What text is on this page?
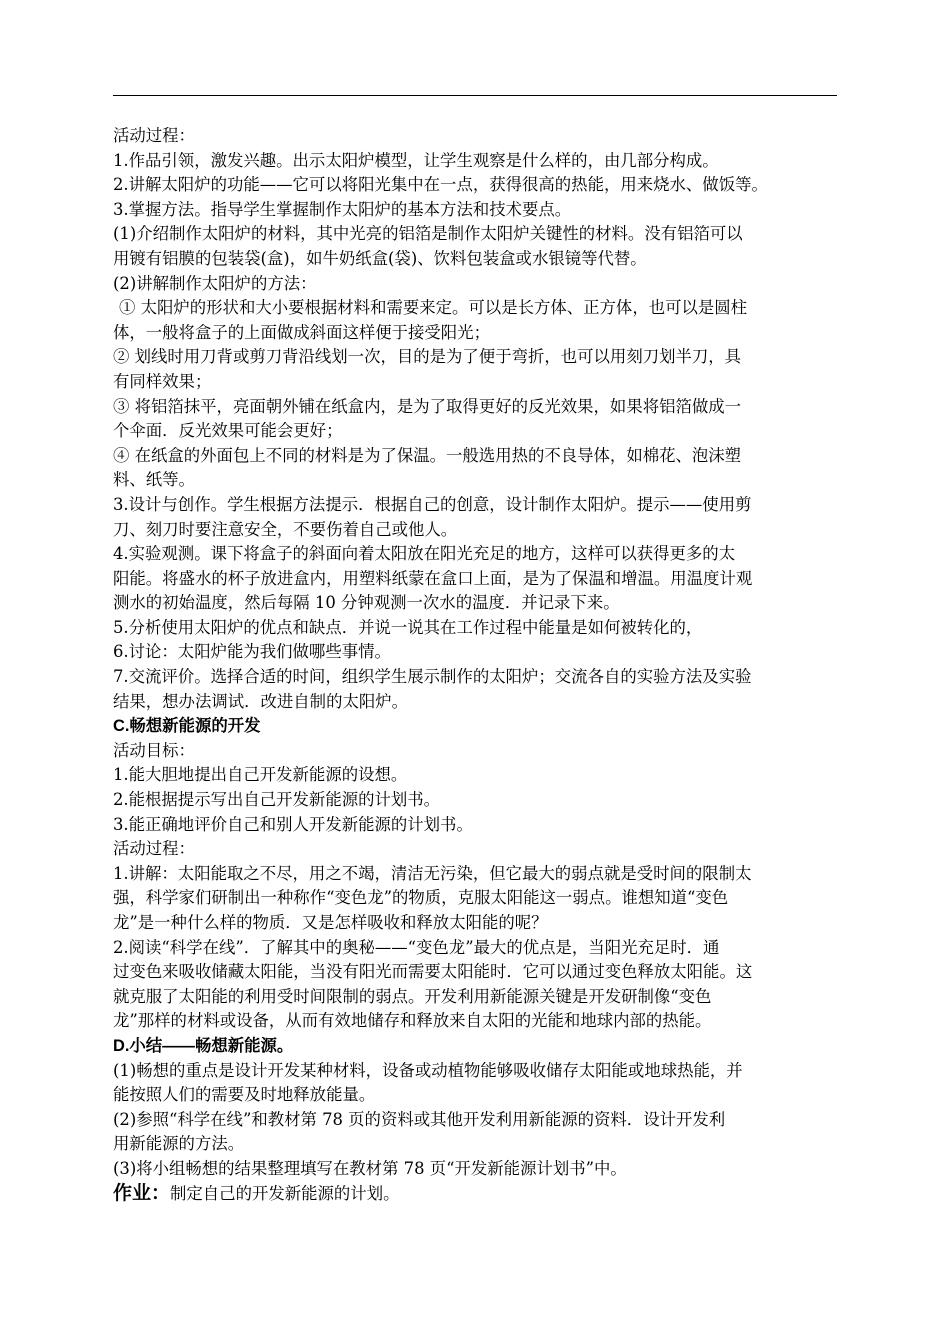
活动过程：

1.作品引领，激发兴趣。出示太阳炉模型，让学生观察是什么样的，由几部分构成。

2.讲解太阳炉的功能——它可以将阳光集中在一点，获得很高的热能，用来烧水、做饭等。

3.掌握方法。指导学生掌握制作太阳炉的基本方法和技术要点。

(1)介绍制作太阳炉的材料，其中光亮的铝箔是制作太阳炉关键性的材料。没有铝箔可以

用镀有铝膜的包装袋(盒)，如牛奶纸盒(袋)、饮料包装盒或水银镜等代替。

(2)讲解制作太阳炉的方法：

① 太阳炉的形状和大小要根据材料和需要来定。可以是长方体、正方体，也可以是圆柱

体，一般将盒子的上面做成斜面这样便于接受阳光；

② 划线时用刀背或剪刀背沿线划一次，目的是为了便于弯折，也可以用刻刀划半刀，具

有同样效果；

③ 将铝箔抹平，亮面朝外铺在纸盒内，是为了取得更好的反光效果，如果将铝箔做成一

个伞面．反光效果可能会更好；

④ 在纸盒的外面包上不同的材料是为了保温。一般选用热的不良导体，如棉花、泡沫塑

料、纸等。

3.设计与创作。学生根据方法提示．根据自己的创意，设计制作太阳炉。提示——使用剪

刀、刻刀时要注意安全，不要伤着自己或他人。

4.实验观测。课下将盒子的斜面向着太阳放在阳光充足的地方，这样可以获得更多的太

阳能。将盛水的杯子放进盒内，用塑料纸蒙在盒口上面，是为了保温和增温。用温度计观

测水的初始温度，然后每隔 10 分钟观测一次水的温度．并记录下来。

5.分析使用太阳炉的优点和缺点．并说一说其在工作过程中能量是如何被转化的，

6.讨论：太阳炉能为我们做哪些事情。

7.交流评价。选择合适的时间，组织学生展示制作的太阳炉；交流各自的实验方法及实验

结果，想办法调试．改进自制的太阳炉。

C.畅想新能源的开发

活动目标：

1.能大胆地提出自己开发新能源的设想。

2.能根据提示写出自己开发新能源的计划书。

3.能正确地评价自己和别人开发新能源的计划书。

活动过程：

1.讲解：太阳能取之不尽，用之不竭，清洁无污染，但它最大的弱点就是受时间的限制太

强，科学家们研制出一种称作“变色龙”的物质，克服太阳能这一弱点。谁想知道“变色

龙”是一种什么样的物质．又是怎样吸收和释放太阳能的呢？

2.阅读“科学在线”．了解其中的奥秘——“变色龙”最大的优点是，当阳光充足时．通

过变色来吸收储藏太阳能，当没有阳光而需要太阳能时．它可以通过变色释放太阳能。这

就克服了太阳能的利用受时间限制的弱点。开发利用新能源关键是开发研制像“变色

龙”那样的材料或设备，从而有效地储存和释放来自太阳的光能和地球内部的热能。

D.小结——畅想新能源。

(1)畅想的重点是设计开发某种材料，设备或动植物能够吸收储存太阳能或地球热能，并

能按照人们的需要及时地释放能量。

(2)参照“科学在线”和教材第 78 页的资料或其他开发利用新能源的资料．设计开发利

用新能源的方法。

(3)将小组畅想的结果整理填写在教材第 78 页“开发新能源计划书”中。

作业：制定自己的开发新能源的计划。
